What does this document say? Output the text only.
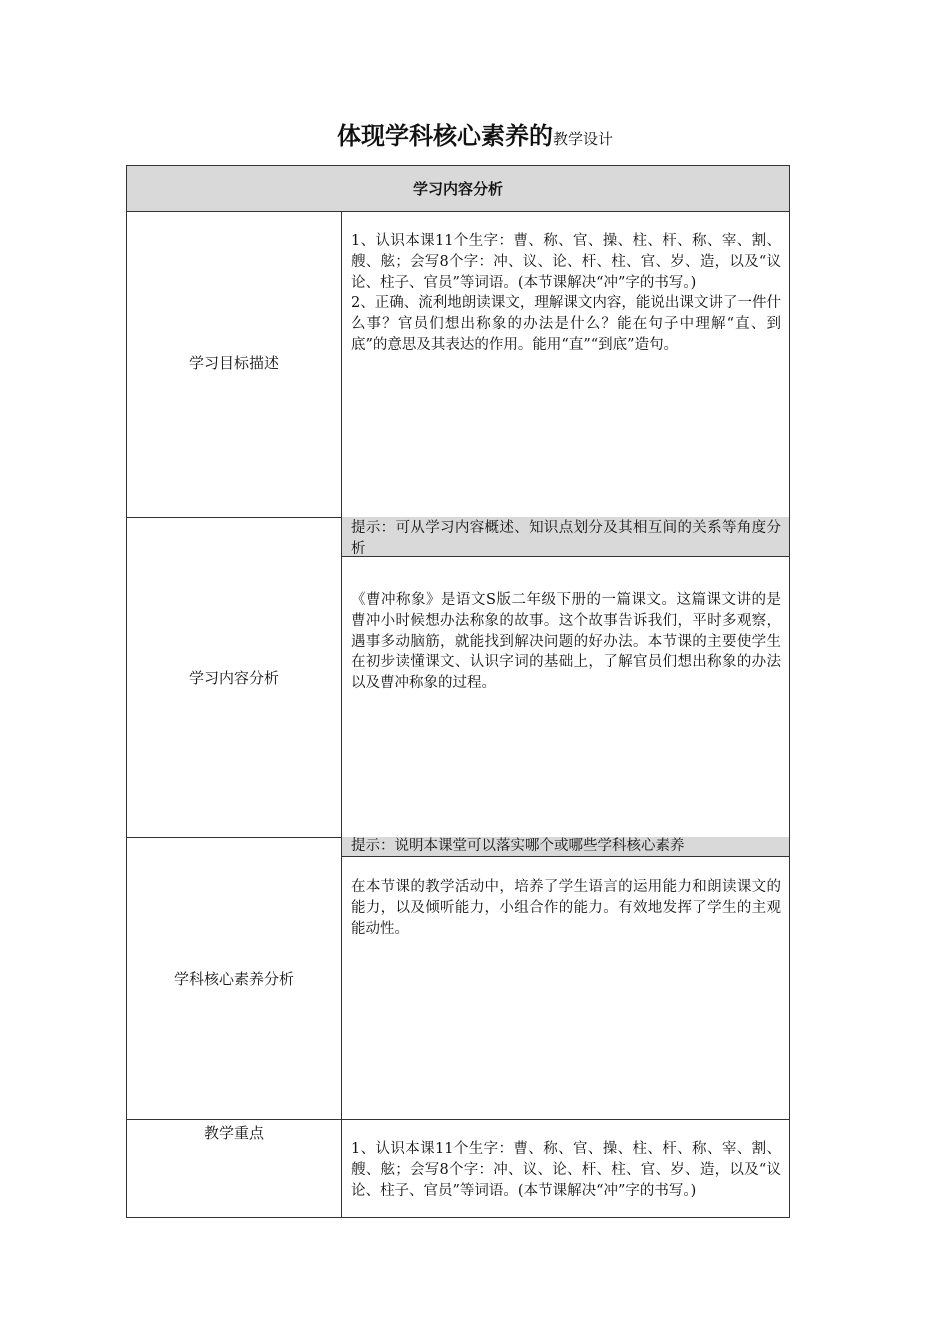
体现学科核心素养的教学设计
学习内容分析
学习目标描述

1、认识本课11个生字：曹、称、官、操、柱、杆、称、宰、割、艘、舷；会写8个字：冲、议、论、杆、柱、官、岁、造，以及“议论、柱子、官员”等词语。(本节课解决“冲”字的书写。)

2、正确、流利地朗读课文，理解课文内容，能说出课文讲了一件什么事？官员们想出称象的办法是什么？能在句子中理解“直、到底”的意思及其表达的作用。能用“直”“到底”造句。

学习内容分析
提示：可从学习内容概述、知识点划分及其相互间的关系等角度分析
《曹冲称象》是语文S版二年级下册的一篇课文。这篇课文讲的是曹冲小时候想办法称象的故事。这个故事告诉我们，平时多观察，遇事多动脑筋，就能找到解决问题的好办法。本节课的主要使学生在初步读懂课文、认识字词的基础上，了解官员们想出称象的办法以及曹冲称象的过程。
学科核心素养分析
提示：说明本课堂可以落实哪个或哪些学科核心素养
在本节课的教学活动中，培养了学生语言的运用能力和朗读课文的能力，以及倾听能力，小组合作的能力。有效地发挥了学生的主观能动性。
教学重点

1、认识本课11个生字：曹、称、官、操、柱、杆、称、宰、割、艘、舷；会写8个字：冲、议、论、杆、柱、官、岁、造，以及“议论、柱子、官员”等词语。(本节课解决“冲”字的书写。)
